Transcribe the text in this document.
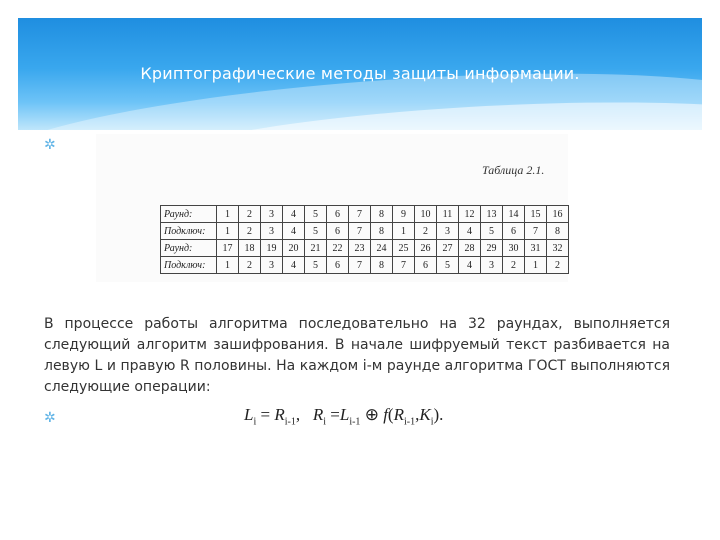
Криптографические методы защиты информации.
✲
Таблица 2.1.
Раунд:	1	2	3	4	5	6	7	8	9	10	11	12	13	14	15	16
Подключ:	1	2	3	4	5	6	7	8	1	2	3	4	5	6	7	8
Раунд:	17	18	19	20	21	22	23	24	25	26	27	28	29	30	31	32
Подключ:	1	2	3	4	5	6	7	8	7	6	5	4	3	2	1	2
В процессе работы алгоритма последовательно на 32 раундах, выполняется следующий алгоритм зашифрования. В начале шифруемый текст разбивается на левую L и правую R половины. На каждом i-м раунде алгоритма ГОСТ выполняются следующие операции:
✲	$L_i = R_{i-1}$,   $R_i =L_{i-1}$ ⊕ $f(R_{i-1},K_i)$.
